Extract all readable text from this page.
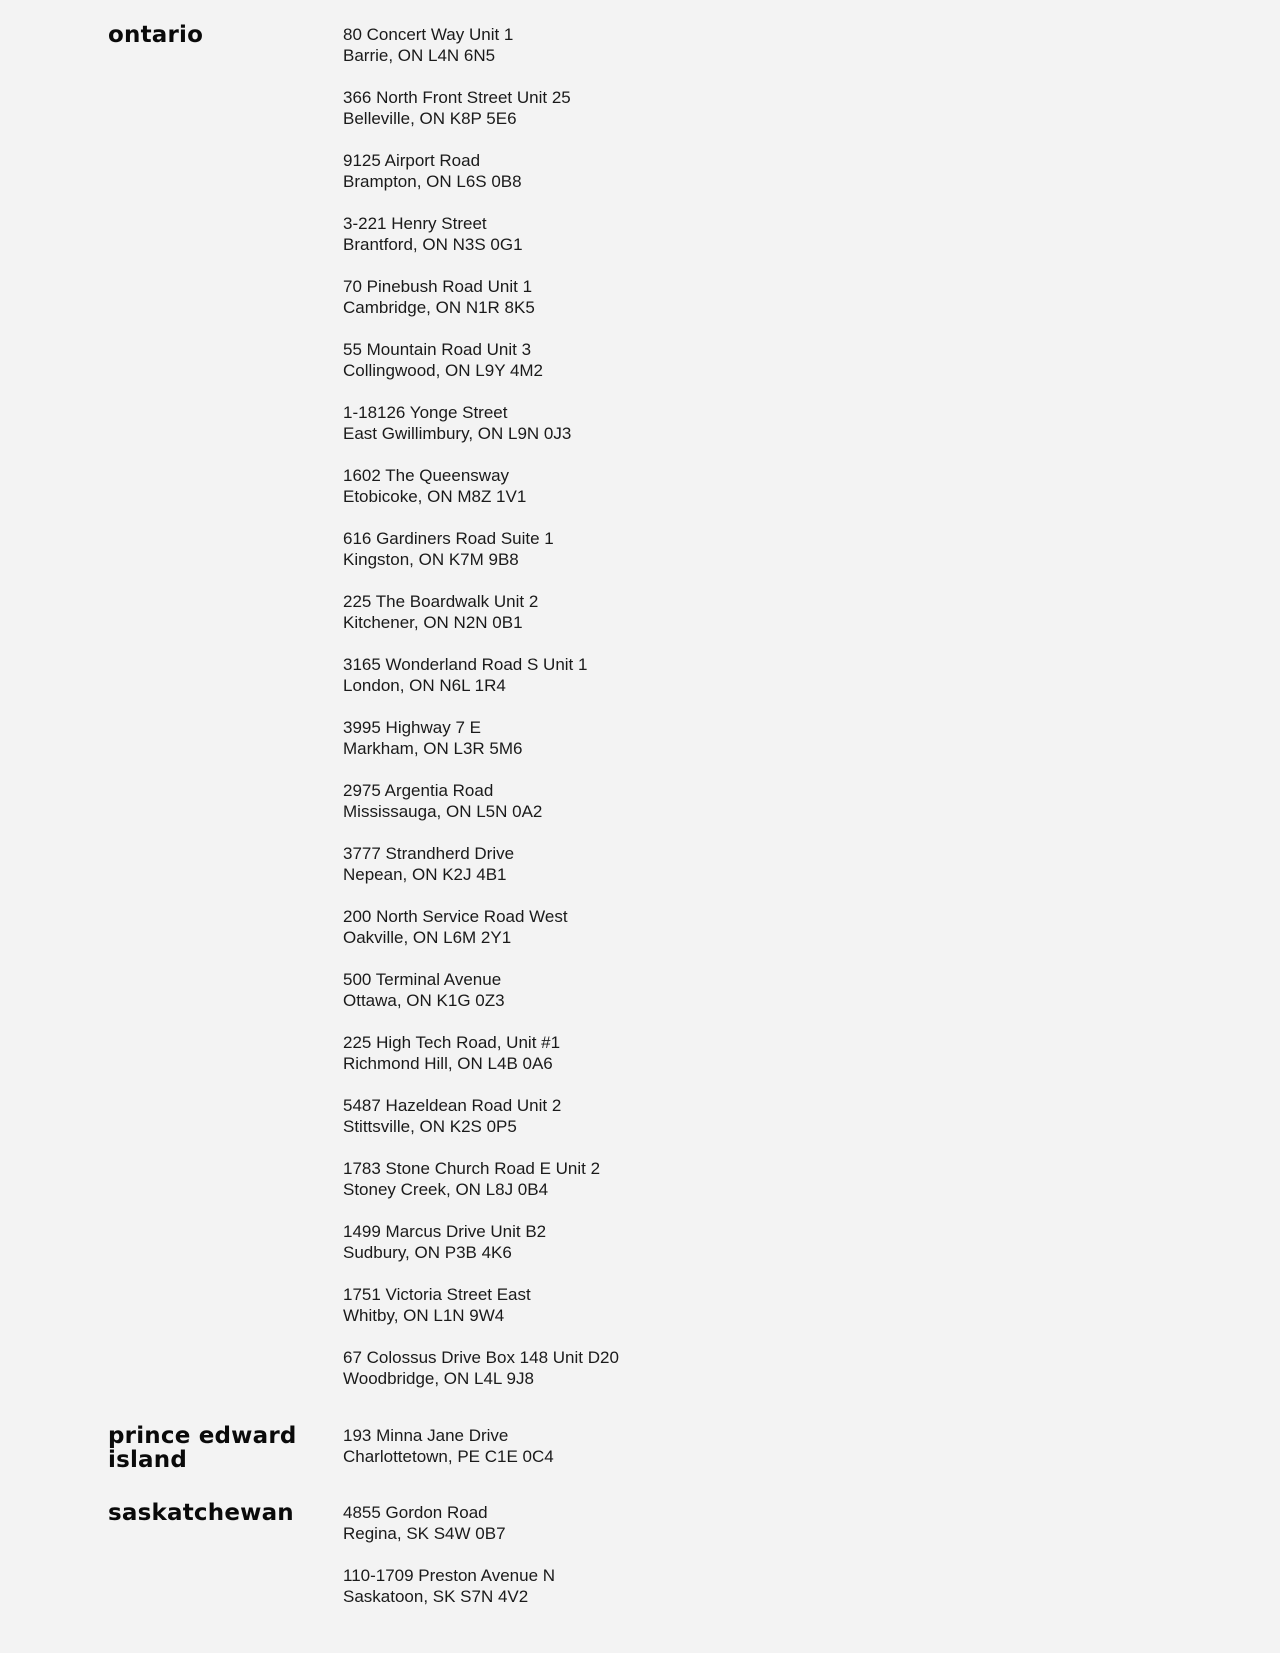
ontario	80 Concert Way Unit 1
Barrie, ON L4N 6N5
366 North Front Street Unit 25
Belleville, ON K8P 5E6
9125 Airport Road
Brampton, ON L6S 0B8
3-221 Henry Street
Brantford, ON N3S 0G1
70 Pinebush Road Unit 1
Cambridge, ON N1R 8K5
55 Mountain Road Unit 3
Collingwood, ON L9Y 4M2
1-18126 Yonge Street
East Gwillimbury, ON L9N 0J3
1602 The Queensway
Etobicoke, ON M8Z 1V1
616 Gardiners Road Suite 1
Kingston, ON K7M 9B8
225 The Boardwalk Unit 2
Kitchener, ON N2N 0B1
3165 Wonderland Road S Unit 1
London, ON N6L 1R4
3995 Highway 7 E
Markham, ON L3R 5M6
2975 Argentia Road
Mississauga, ON L5N 0A2
3777 Strandherd Drive
Nepean, ON K2J 4B1
200 North Service Road West
Oakville, ON L6M 2Y1
500 Terminal Avenue
Ottawa, ON K1G 0Z3
225 High Tech Road, Unit #1
Richmond Hill, ON L4B 0A6
5487 Hazeldean Road Unit 2
Stittsville, ON K2S 0P5
1783 Stone Church Road E Unit 2
Stoney Creek, ON L8J 0B4
1499 Marcus Drive Unit B2
Sudbury, ON P3B 4K6
1751 Victoria Street East
Whitby, ON L1N 9W4
67 Colossus Drive Box 148 Unit D20
Woodbridge, ON L4L 9J8
prince edward island
193 Minna Jane Drive
Charlottetown, PE C1E 0C4
saskatchewan	4855 Gordon Road
Regina, SK S4W 0B7
110-1709 Preston Avenue N
Saskatoon, SK S7N 4V2
